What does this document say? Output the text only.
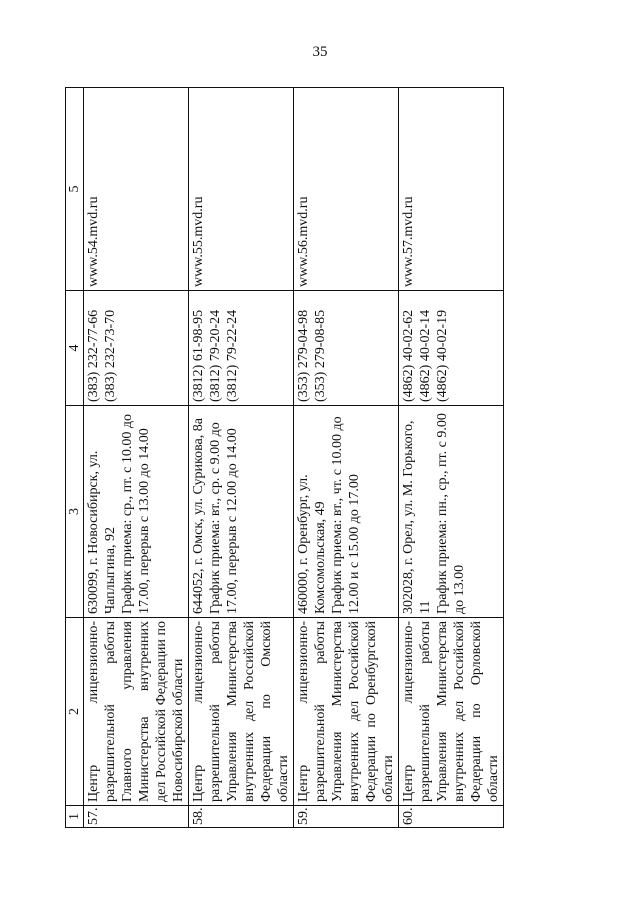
35
1	2	3	4	5
57.	Центр лицензионно-разрешительной работы Главного управления Министерства внутренних дел Российской Федерации по Новосибирской области	630099, г. Новосибирск, ул. Чаплыгина, 92 График приема: ср., пт. с 10.00 до 17.00, перерыв с 13.00 до 14.00	(383) 232-77-66 (383) 232-73-70	www.54.mvd.ru
58.	Центр лицензионно-разрешительной работы Управления Министерства внутренних дел Российской Федерации по Омской области	644052, г. Омск, ул. Сурикова, 8а График приема: вт., ср. с 9.00 до 17.00, перерыв с 12.00 до 14.00	(3812) 61-98-95 (3812) 79-20-24 (3812) 79-22-24	www.55.mvd.ru
59.	Центр лицензионно-разрешительной работы Управления Министерства внутренних дел Российской Федерации по Оренбургской области	460000, г. Оренбург, ул. Комсомольская, 49 График приема: вт., чт. с 10.00 до 12.00 и с 15.00 до 17.00	(353) 279-04-98 (353) 279-08-85	www.56.mvd.ru
60.	Центр лицензионно-разрешительной работы Управления Министерства внутренних дел Российской Федерации по Орловской области	302028, г. Орел, ул. М. Горького, 11 График приема: пн., ср., пт. с 9.00 до 13.00	(4862) 40-02-62 (4862) 40-02-14 (4862) 40-02-19	www.57.mvd.ru
